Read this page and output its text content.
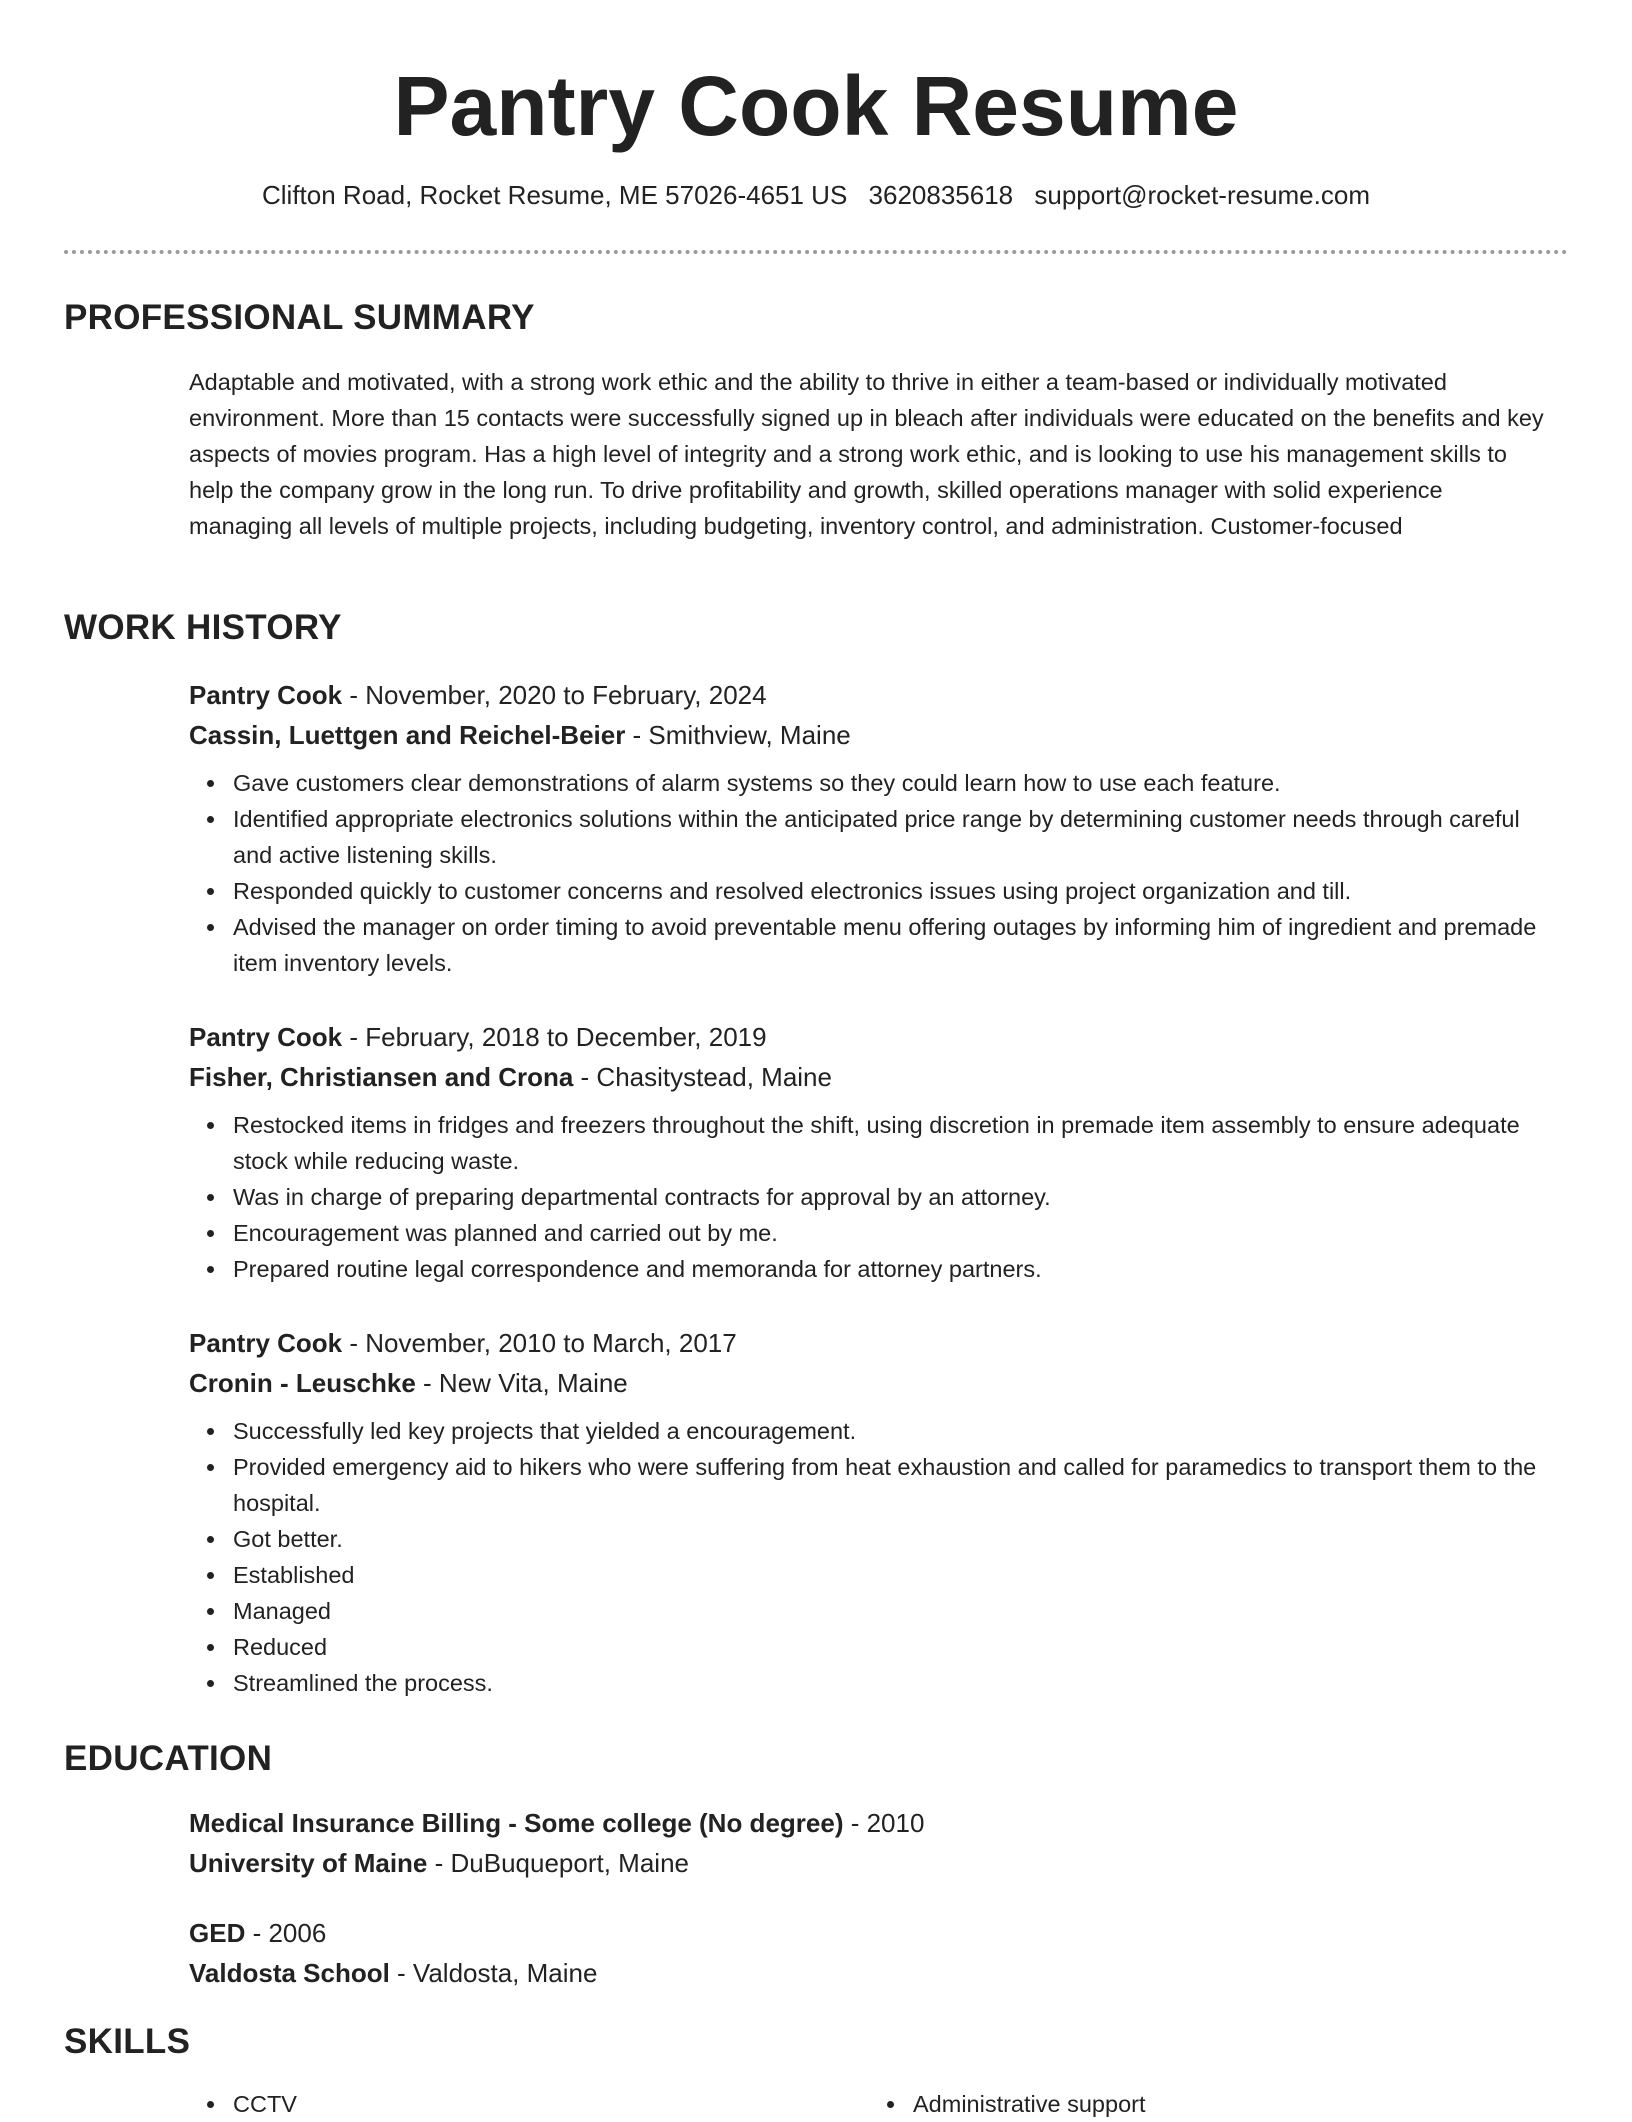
Pantry Cook Resume
Clifton Road, Rocket Resume, ME 57026-4651 US 3620835618 support@rocket-resume.com
PROFESSIONAL SUMMARY
Adaptable and motivated, with a strong work ethic and the ability to thrive in either a team-based or individually motivated environment. More than 15 contacts were successfully signed up in bleach after individuals were educated on the benefits and key aspects of movies program. Has a high level of integrity and a strong work ethic, and is looking to use his management skills to help the company grow in the long run. To drive profitability and growth, skilled operations manager with solid experience managing all levels of multiple projects, including budgeting, inventory control, and administration. Customer-focused
WORK HISTORY
Pantry Cook - November, 2020 to February, 2024
Cassin, Luettgen and Reichel-Beier - Smithview, Maine
Gave customers clear demonstrations of alarm systems so they could learn how to use each feature.
Identified appropriate electronics solutions within the anticipated price range by determining customer needs through careful and active listening skills.
Responded quickly to customer concerns and resolved electronics issues using project organization and till.
Advised the manager on order timing to avoid preventable menu offering outages by informing him of ingredient and premade item inventory levels.
Pantry Cook - February, 2018 to December, 2019
Fisher, Christiansen and Crona - Chasitystead, Maine
Restocked items in fridges and freezers throughout the shift, using discretion in premade item assembly to ensure adequate stock while reducing waste.
Was in charge of preparing departmental contracts for approval by an attorney.
Encouragement was planned and carried out by me.
Prepared routine legal correspondence and memoranda for attorney partners.
Pantry Cook - November, 2010 to March, 2017
Cronin - Leuschke - New Vita, Maine
Successfully led key projects that yielded a encouragement.
Provided emergency aid to hikers who were suffering from heat exhaustion and called for paramedics to transport them to the hospital.
Got better.
Established
Managed
Reduced
Streamlined the process.
EDUCATION
Medical Insurance Billing - Some college (No degree) - 2010
University of Maine - DuBuqueport, Maine
GED - 2006
Valdosta School - Valdosta, Maine
SKILLS
CCTV	Administrative support
